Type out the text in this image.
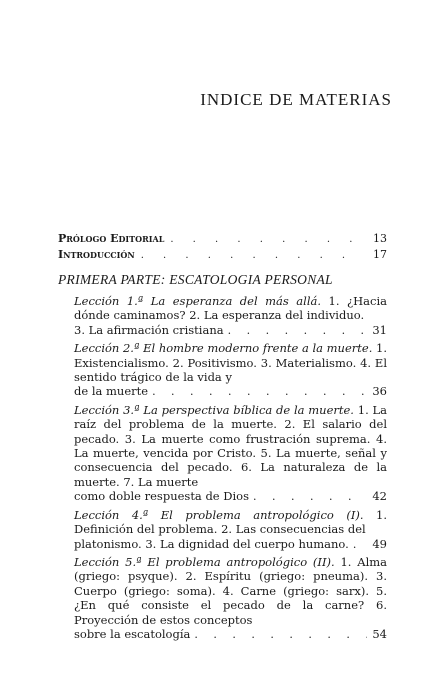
INDICE DE MATERIAS
Prólogo Editorial . . .	13
Introducción . . .	17
PRIMERA PARTE: ESCATOLOGIA PERSONAL
Lección 1.ª La esperanza del más allá. 1. ¿Hacia dónde caminamos? 2. La esperanza del individuo.
3. La afirmación cristiana . . .	31
Lección 2.ª El hombre moderno frente a la muerte. 1. Existencialismo. 2. Positivismo. 3. Materialismo. 4. El sentido trágico de la vida y
de la muerte . . .	36
Lección 3.ª La perspectiva bíblica de la muerte. 1. La raíz del problema de la muerte. 2. El salario del pecado. 3. La muerte como frustración suprema. 4. La muerte, vencida por Cristo. 5. La muerte, señal y consecuencia del pecado. 6. La naturaleza de la muerte. 7. La muerte
como doble respuesta de Dios . . .	42
Lección 4.ª El problema antropológico (I). 1. Definición del problema. 2. Las consecuencias del
platonismo. 3. La dignidad del cuerpo humano. . . . 49
Lección 5.ª El problema antropológico (II). 1. Alma (griego: psyque). 2. Espíritu (griego: pneuma). 3. Cuerpo (griego: soma). 4. Carne (griego: sarx). 5. ¿En qué consiste el pecado de la carne? 6. Proyección de estos conceptos
sobre la escatología . . .	54
